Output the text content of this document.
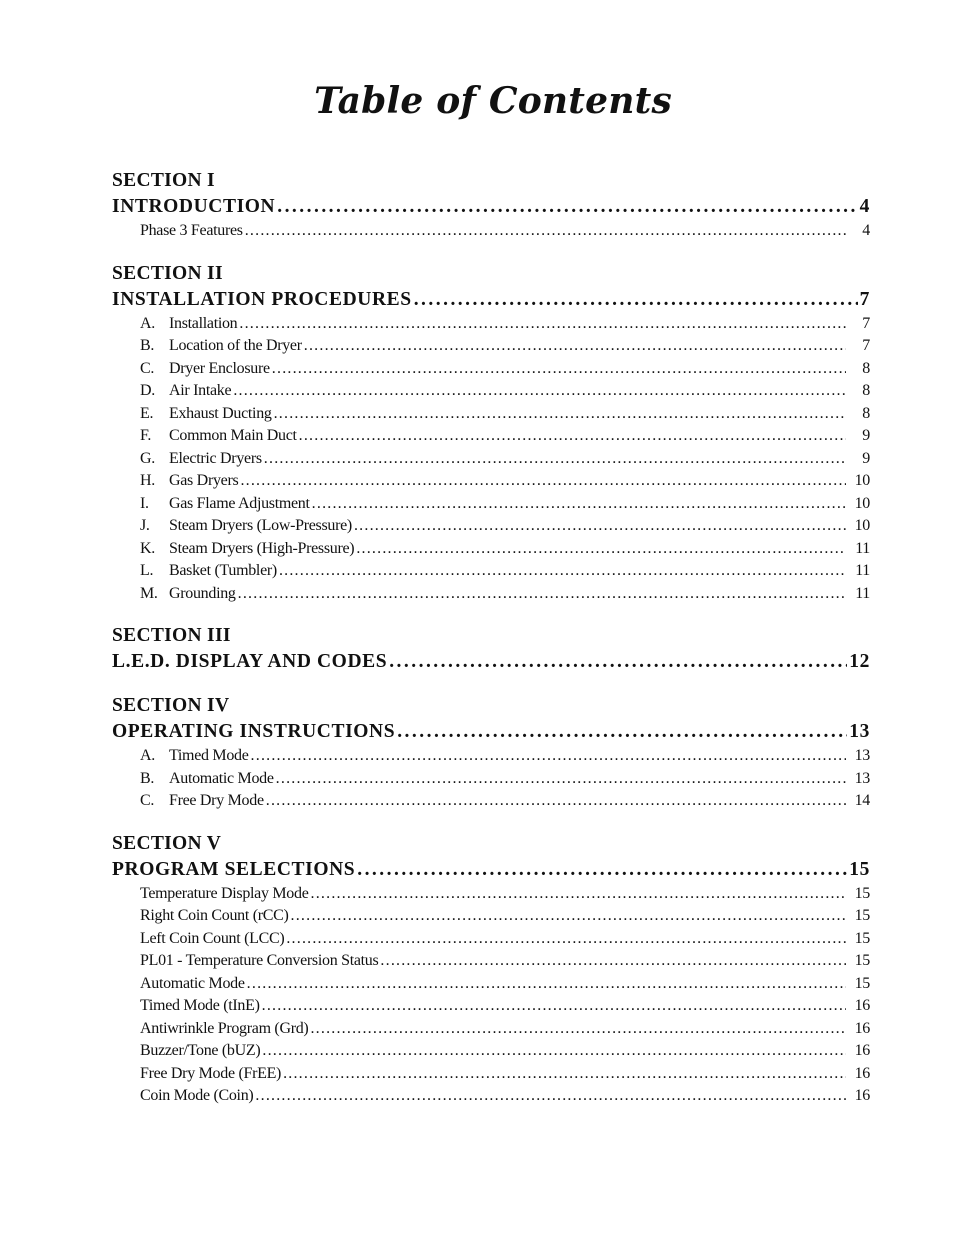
Table of Contents
SECTION I
INTRODUCTION . . .	4
Phase 3 Features . . .	4
SECTION II
INSTALLATION PROCEDURES . . .	7
A. Installation . . .	7
B. Location of the Dryer . . .	7
C. Dryer Enclosure . . .	8
D. Air Intake . . .	8
E. Exhaust Ducting . . .	8
F.	Common Main Duct . . .	9
G. Electric Dryers . . .	9
H. Gas Dryers . . .	10
I.	Gas Flame Adjustment . . .	10
J.	Steam Dryers (Low-Pressure) . . .	10
K. Steam Dryers (High-Pressure) . . .	11
L. Basket (Tumbler) . . .	11
M. Grounding . . .	11
SECTION III
L.E.D. DISPLAY AND CODES . . .	12
SECTION IV
OPERATING INSTRUCTIONS . . .	13
A. Timed Mode . . .	13
B. Automatic Mode . . .	13
C. Free Dry Mode . . .	14
SECTION V
PROGRAM SELECTIONS . . .	15
Temperature Display Mode . . .	15
Right Coin Count (rCC) . . .	15
Left Coin Count (LCC) . . .	15
PL01 - Temperature Conversion Status . . .	15
Automatic Mode . . .	15
Timed Mode (tInE) . . .	16
Antiwrinkle Program (Grd) . . .	16
Buzzer/Tone (bUZ) . . .	16
Free Dry Mode (FrEE) . . .	16
Coin Mode (Coin) . . .	16
